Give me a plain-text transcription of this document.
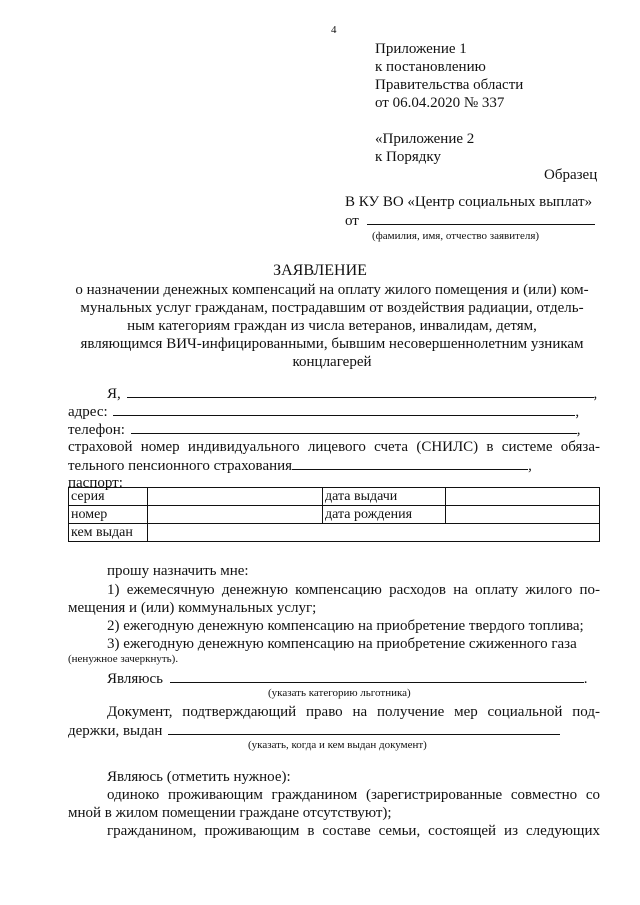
4
Приложение 1
к постановлению
Правительства области
от 06.04.2020 № 337
«Приложение 2
к Порядку
Образец
В КУ ВО «Центр социальных выплат»
от
(фамилия, имя, отчество заявителя)
ЗАЯВЛЕНИЕ
о назначении денежных компенсаций на оплату жилого помещения и (или) ком-
мунальных услуг гражданам, пострадавшим от воздействия радиации, отдель-
ным категориям граждан из числа ветеранов, инвалидам, детям,
являющимся ВИЧ-инфицированными, бывшим несовершеннолетним узникам
концлагерей
Я,	,
адрес:	,
телефон:	,
страховой номер индивидуального лицевого счета (СНИЛС) в системе обяза-
тельного пенсионного страхования	,
паспорт:
серия		дата выдачи	
номер		дата рождения	
кем выдан			
прошу назначить мне:
1) ежемесячную денежную компенсацию расходов на оплату жилого по-
мещения и (или) коммунальных услуг;
2) ежегодную денежную компенсацию на приобретение твердого топлива;
3) ежегодную денежную компенсацию на приобретение сжиженного газа
(ненужное зачеркнуть).
Являюсь	.
(указать категорию льготника)
Документ, подтверждающий право на получение мер социальной под-
держки, выдан
(указать, когда и кем выдан документ)
Являюсь (отметить нужное):
одиноко проживающим гражданином (зарегистрированные совместно со
мной в жилом помещении граждане отсутствуют);
гражданином, проживающим в составе семьи, состоящей из следующих
